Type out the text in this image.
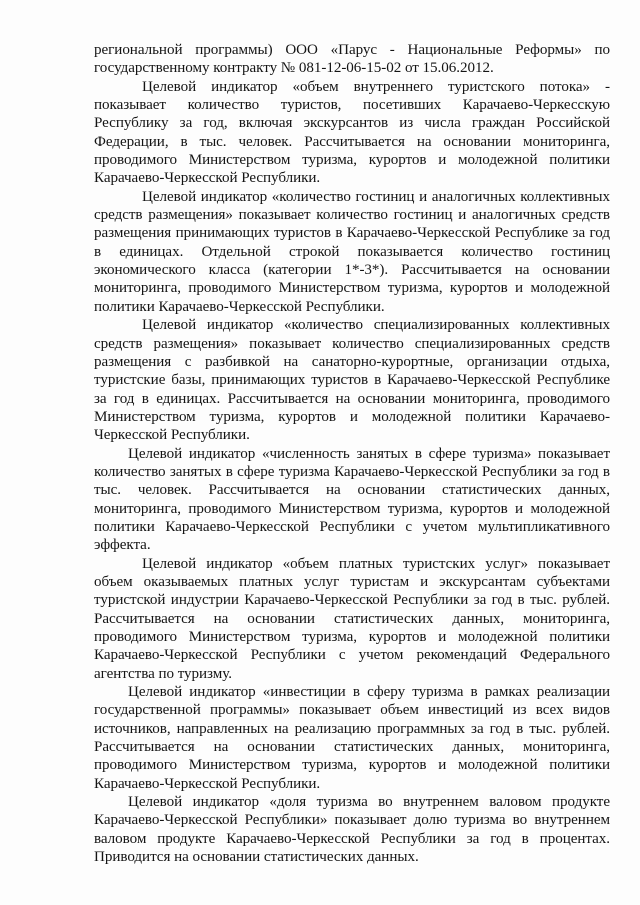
региональной программы) ООО «Парус - Национальные Реформы» по государственному контракту № 081-12-06-15-02 от 15.06.2012.

Целевой индикатор «объем внутреннего туристского потока» - показывает количество туристов, посетивших Карачаево-Черкесскую Республику за год, включая экскурсантов из числа граждан Российской Федерации, в тыс. человек. Рассчитывается на основании мониторинга, проводимого Министерством туризма, курортов и молодежной политики Карачаево-Черкесской Республики.

Целевой индикатор «количество гостиниц и аналогичных коллективных средств размещения» показывает количество гостиниц и аналогичных средств размещения принимающих туристов в Карачаево-Черкесской Республике за год в единицах. Отдельной строкой показывается количество гостиниц экономического класса (категории 1*-3*). Рассчитывается на основании мониторинга, проводимого Министерством туризма, курортов и молодежной политики Карачаево-Черкесской Республики.

Целевой индикатор «количество специализированных коллективных средств размещения» показывает количество специализированных средств размещения с разбивкой на санаторно-курортные, организации отдыха, туристские базы, принимающих туристов в Карачаево-Черкесской Республике за год в единицах. Рассчитывается на основании мониторинга, проводимого Министерством туризма, курортов и молодежной политики Карачаево-Черкесской Республики.

Целевой индикатор «численность занятых в сфере туризма» показывает количество занятых в сфере туризма Карачаево-Черкесской Республики за год в тыс. человек. Рассчитывается на основании статистических данных, мониторинга, проводимого Министерством туризма, курортов и молодежной политики Карачаево-Черкесской Республики с учетом мультипликативного эффекта.

Целевой индикатор «объем платных туристских услуг» показывает объем оказываемых платных услуг туристам и экскурсантам субъектами туристской индустрии Карачаево-Черкесской Республики за год в тыс. рублей. Рассчитывается на основании статистических данных, мониторинга, проводимого Министерством туризма, курортов и молодежной политики Карачаево-Черкесской Республики с учетом рекомендаций Федерального агентства по туризму.

Целевой индикатор «инвестиции в сферу туризма в рамках реализации государственной программы» показывает объем инвестиций из всех видов источников, направленных на реализацию программных за год в тыс. рублей. Рассчитывается на основании статистических данных, мониторинга, проводимого Министерством туризма, курортов и молодежной политики Карачаево-Черкесской Республики.

Целевой индикатор «доля туризма во внутреннем валовом продукте Карачаево-Черкесской Республики» показывает долю туризма во внутреннем валовом продукте Карачаево-Черкесской Республики за год в процентах. Приводится на основании статистических данных.
